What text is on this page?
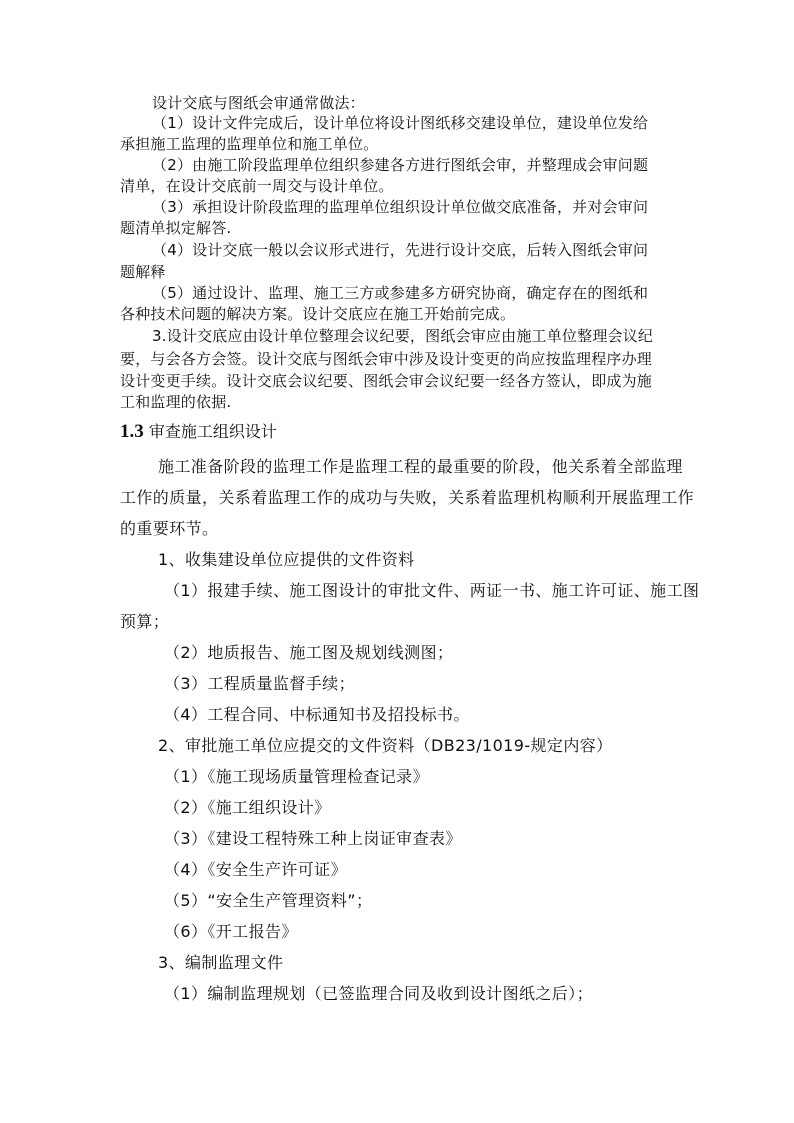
设计交底与图纸会审通常做法：
（1）设计文件完成后，设计单位将设计图纸移交建设单位，建设单位发给
承担施工监理的监理单位和施工单位。
（2）由施工阶段监理单位组织参建各方进行图纸会审，并整理成会审问题
清单，在设计交底前一周交与设计单位。
（3）承担设计阶段监理的监理单位组织设计单位做交底准备，并对会审问
题清单拟定解答.
（4）设计交底一般以会议形式进行，先进行设计交底，后转入图纸会审问
题解释
（5）通过设计、监理、施工三方或参建多方研究协商，确定存在的图纸和
各种技术问题的解决方案。设计交底应在施工开始前完成。
3.设计交底应由设计单位整理会议纪要，图纸会审应由施工单位整理会议纪
要，与会各方会签。设计交底与图纸会审中涉及设计变更的尚应按监理程序办理
设计变更手续。设计交底会议纪要、图纸会审会议纪要一经各方签认，即成为施
工和监理的依据.
1.3 审查施工组织设计
施工准备阶段的监理工作是监理工程的最重要的阶段，他关系着全部监理
工作的质量，关系着监理工作的成功与失败，关系着监理机构顺利开展监理工作
的重要环节。
1、收集建设单位应提供的文件资料
（1）报建手续、施工图设计的审批文件、两证一书、施工许可证、施工图
预算；
（2）地质报告、施工图及规划线测图；
（3）工程质量监督手续；
（4）工程合同、中标通知书及招投标书。
2、审批施工单位应提交的文件资料（DB23/1019-规定内容）
（1）《施工现场质量管理检查记录》
（2）《施工组织设计》
（3）《建设工程特殊工种上岗证审查表》
（4）《安全生产许可证》
（5）“安全生产管理资料”；
（6）《开工报告》
3、编制监理文件
（1）编制监理规划（已签监理合同及收到设计图纸之后）；
